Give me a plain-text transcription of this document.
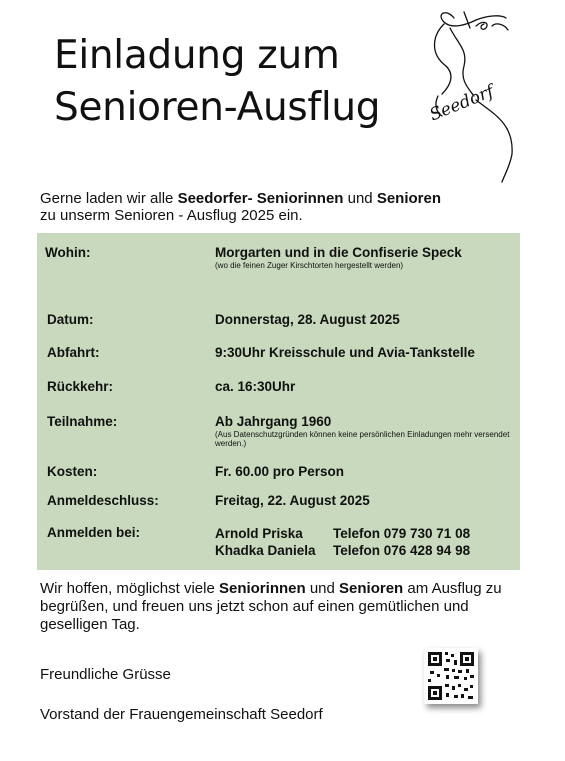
Einladung zum
Senioren-Ausflug	Seedorf
Gerne laden wir alle Seedorfer- Seniorinnen und Senioren
zu unserm Senioren - Ausflug 2025 ein.
Wohin:	Morgarten und in die Confiserie Speck
(wo die feinen Zuger Kirschtorten hergestellt werden)
Datum:	Donnerstag, 28. August 2025
Abfahrt:	9:30Uhr Kreisschule und Avia-Tankstelle
Rückkehr:	ca. 16:30Uhr
Teilnahme:	Ab Jahrgang 1960
(Aus Datenschutzgründen können keine persönlichen Einladungen mehr versendet werden.)
Kosten:	Fr. 60.00 pro Person
Anmeldeschluss:	Freitag, 22. August 2025
Anmelden bei:	Arnold Priska	Telefon 079 730 71 08
Khadka Daniela	Telefon 076 428 94 98
Wir hoffen, möglichst viele Seniorinnen und Senioren am Ausflug zu begrüßen, und freuen uns jetzt schon auf einen gemütlichen und geselligen Tag.
Freundliche Grüsse
Vorstand der Frauengemeinschaft Seedorf
